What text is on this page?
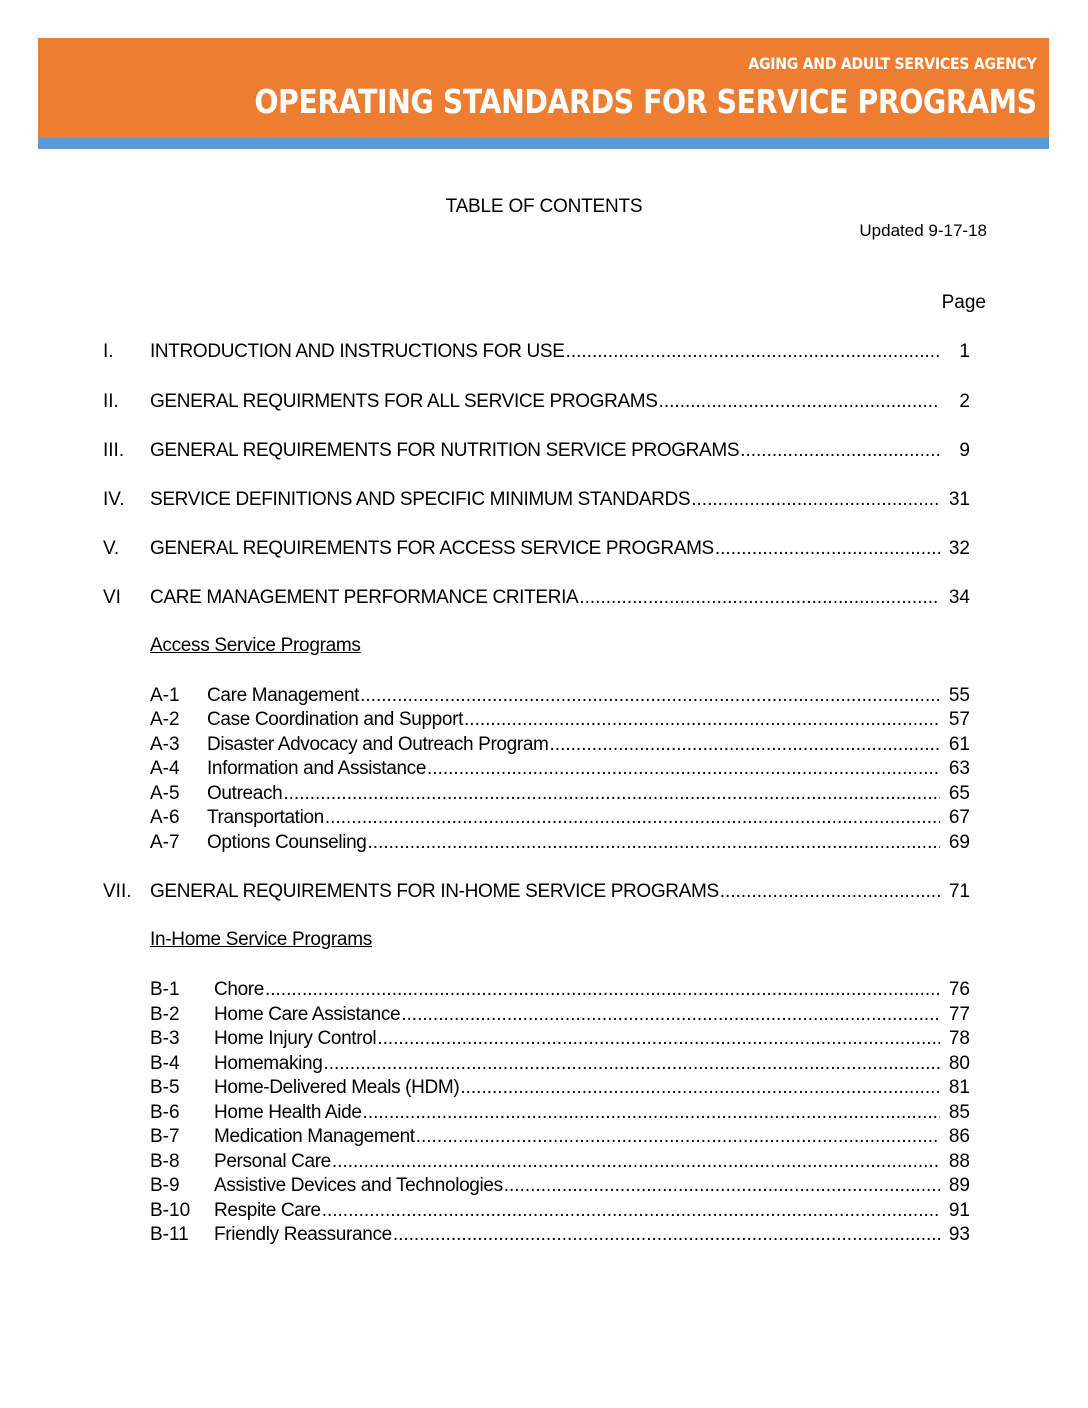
AGING AND ADULT SERVICES AGENCY
OPERATING STANDARDS FOR SERVICE PROGRAMS
TABLE OF CONTENTS
Updated 9-17-18
Page
I. INTRODUCTION AND INSTRUCTIONS FOR USE .....	1
II. GENERAL REQUIRMENTS FOR ALL SERVICE PROGRAMS .....	2
III. GENERAL REQUIREMENTS FOR NUTRITION SERVICE PROGRAMS .....	9
IV. SERVICE DEFINITIONS AND SPECIFIC MINIMUM STANDARDS .....	31
V. GENERAL REQUIREMENTS FOR ACCESS SERVICE PROGRAMS .....	32
VI CARE MANAGEMENT PERFORMANCE CRITERIA .....	34
Access Service Programs
A-1 Care Management .....	55
A-2 Case Coordination and Support .....	57
A-3 Disaster Advocacy and Outreach Program .....	61
A-4 Information and Assistance .....	63
A-5 Outreach .....	65
A-6 Transportation .....	67
A-7 Options Counseling .....	69
VII. GENERAL REQUIREMENTS FOR IN-HOME SERVICE PROGRAMS .....	71
In-Home Service Programs
B-1 Chore .....	76
B-2 Home Care Assistance .....	77
B-3 Home Injury Control .....	78
B-4 Homemaking .....	80
B-5 Home-Delivered Meals (HDM) .....	81
B-6 Home Health Aide .....	85
B-7 Medication Management .....	86
B-8 Personal Care .....	88
B-9 Assistive Devices and Technologies .....	89
B-10 Respite Care .....	91
B-11 Friendly Reassurance .....	93
